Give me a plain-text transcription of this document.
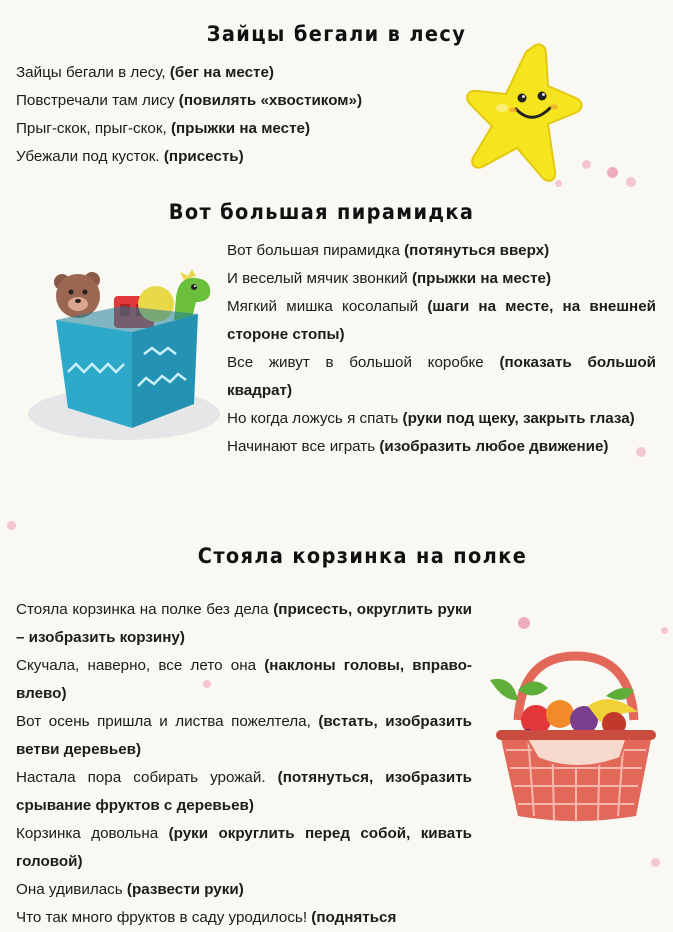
Зайцы бегали в лесу

Зайцы бегали в лесу, (бег на месте)

Повстречали там лису (повилять «хвостиком»)

Прыг-скок, прыг-скок, (прыжки на месте)

Убежали под кусток. (присесть)

Вот большая пирамидка

Вот большая пирамидка (потянуться вверх)

И веселый мячик звонкий (прыжки на месте)

Мягкий мишка косолапый (шаги на месте, на внешней стороне стопы)

Все живут в большой коробке (показать большой квадрат)

Но когда ложусь я спать (руки под щеку, закрыть глаза)

Начинают все играть (изобразить любое движение)

Стояла корзинка на полке

Стояла корзинка на полке без дела (присесть, округлить руки – изобразить корзину)

Скучала, наверно, все лето она (наклоны головы, вправо-влево)

Вот осень пришла и листва пожелтела, (встать, изобразить ветви деревьев)

Настала пора собирать урожай. (потянуться, изобразить срывание фруктов с деревьев)

Корзинка довольна (руки округлить перед собой, кивать головой)

Она удивилась (развести руки)

Что так много фруктов в саду уродилось! (подняться
